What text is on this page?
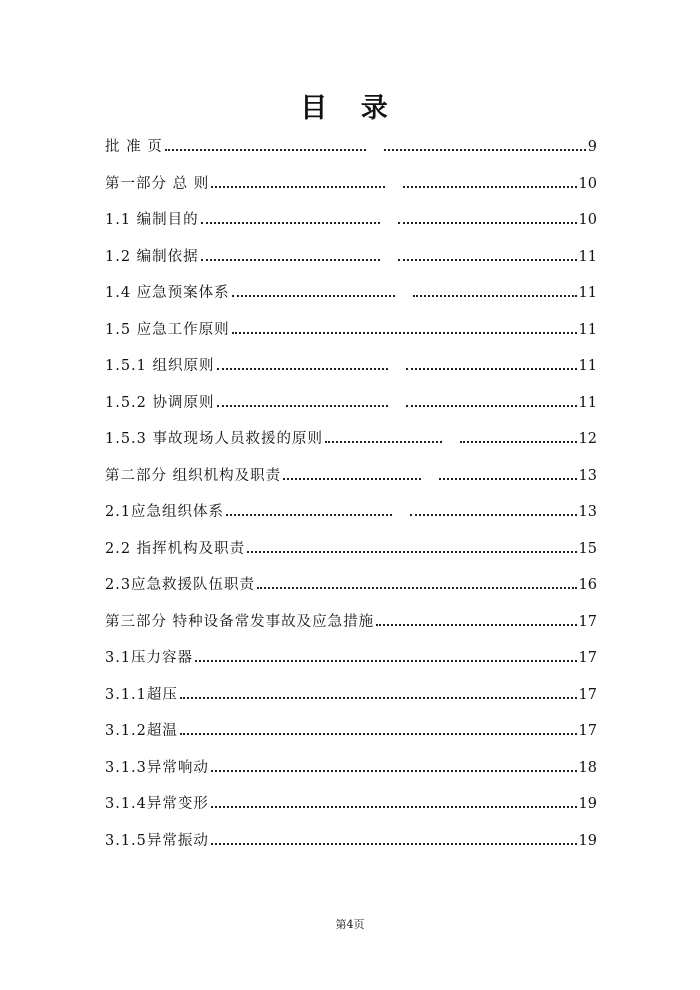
目 录
批 准 页	9
第一部分 总 则	10
1.1 编制目的	10
1.2 编制依据	11
1.4 应急预案体系	11
1.5 应急工作原则	11
1.5.1 组织原则	11
1.5.2 协调原则	11
1.5.3 事故现场人员救援的原则	12
第二部分 组织机构及职责	13
2.1应急组织体系	13
2.2 指挥机构及职责	15
2.3应急救援队伍职责	16
第三部分 特种设备常发事故及应急措施	17
3.1压力容器	17
3.1.1超压	17
3.1.2超温	17
3.1.3异常响动	18
3.1.4异常变形	19
3.1.5异常振动	19
第4页
